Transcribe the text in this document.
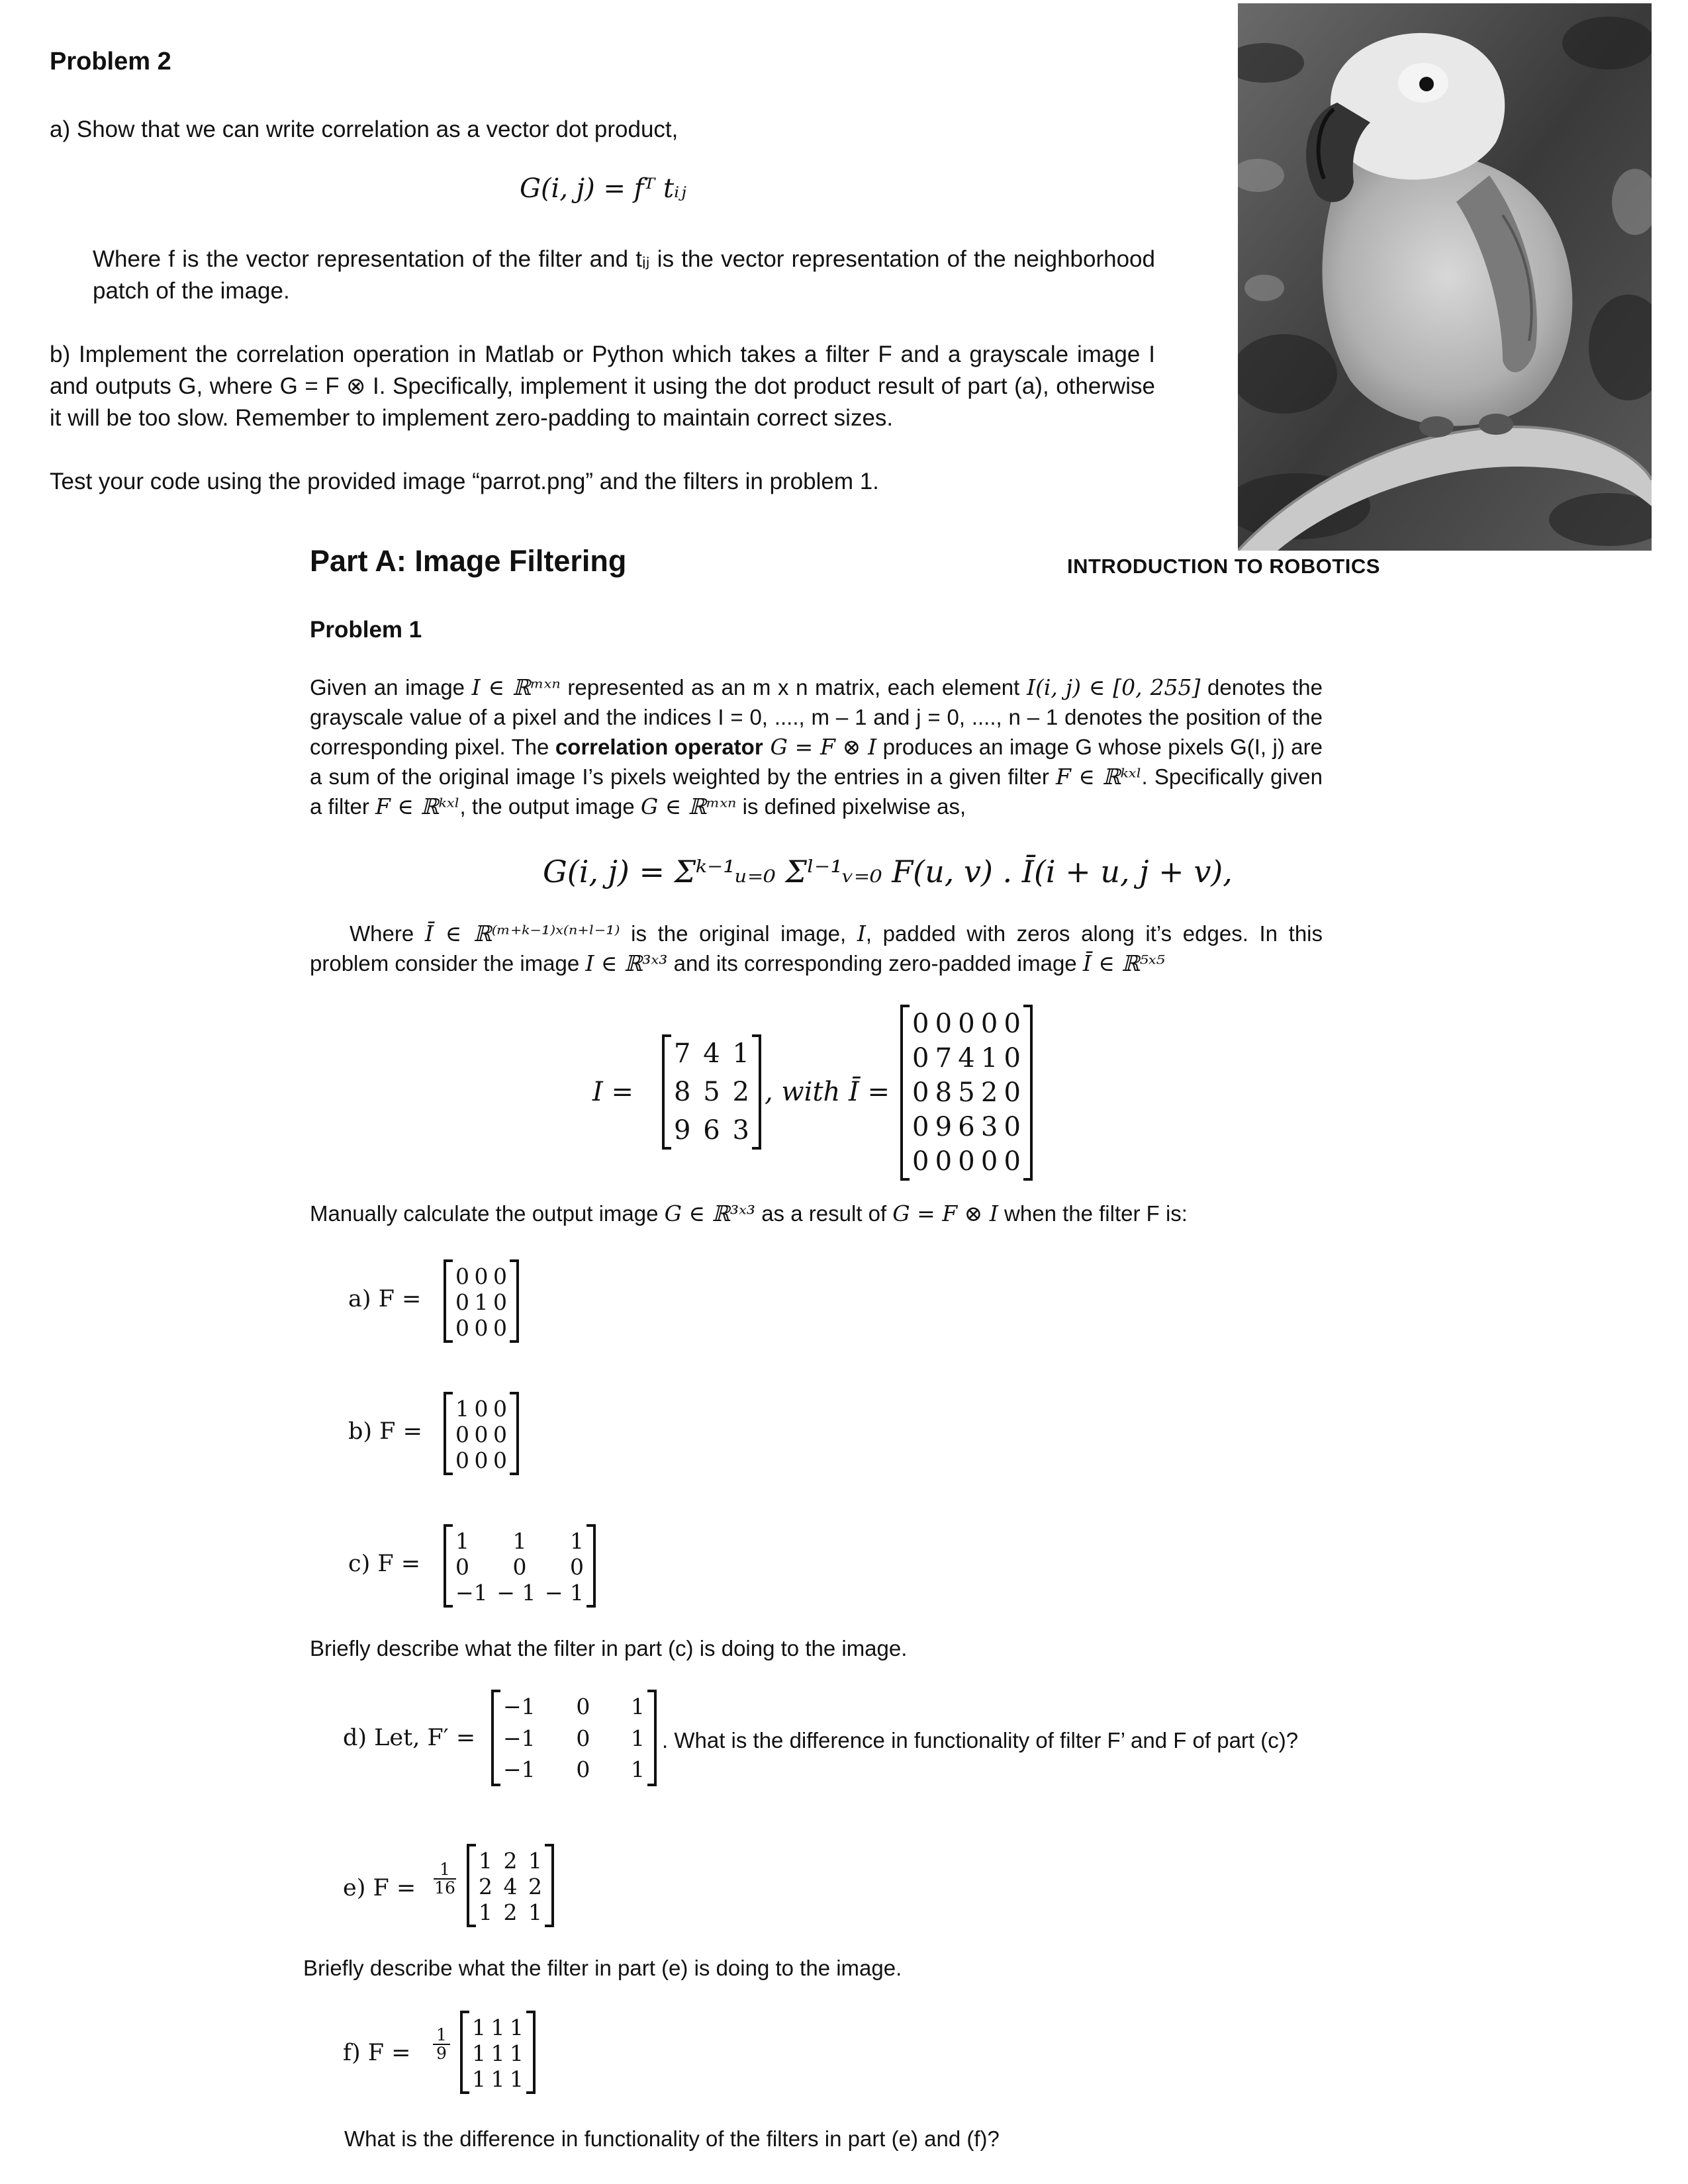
Problem 2
a) Show that we can write correlation as a vector dot product,
G(i, j) = fᵀ tᵢⱼ
Where f is the vector representation of the filter and tᵢⱼ is the vector representation of the neighborhood patch of the image.
b) Implement the correlation operation in Matlab or Python which takes a filter F and a grayscale image I and outputs G, where G = F ⊗ I. Specifically, implement it using the dot product result of part (a), otherwise it will be too slow. Remember to implement zero-padding to maintain correct sizes.
Test your code using the provided image “parrot.png” and the filters in problem 1.
Part A: Image Filtering	INTRODUCTION TO ROBOTICS
Problem 1
Given an image I ∈ ℝᵐˣⁿ represented as an m x n matrix, each element I(i, j) ∈ [0, 255] denotes the grayscale value of a pixel and the indices I = 0, ...., m – 1 and j = 0, ...., n – 1 denotes the position of the corresponding pixel. The correlation operator G = F ⊗ I produces an image G whose pixels G(I, j) are a sum of the original image I’s pixels weighted by the entries in a given filter F ∈ ℝᵏˣˡ. Specifically given a filter F ∈ ℝᵏˣˡ, the output image G ∈ ℝᵐˣⁿ is defined pixelwise as,
G(i, j) = Σᵏ⁻¹ᵤ₌₀ Σˡ⁻¹ᵥ₌₀ F(u, v) . Ī(i + u, j + v),
Where Ī ∈ ℝ⁽ᵐ⁺ᵏ⁻¹⁾ˣ⁽ⁿ⁺ˡ⁻¹⁾ is the original image, I, padded with zeros along it’s edges. In this problem consider the image I ∈ ℝ³ˣ³ and its corresponding zero-padded image Ī ∈ ℝ⁵ˣ⁵
I =
7 4 1
8 5 2
9 6 3
, with Ī =
0 0 0 0 0
0 7 4 1 0
0 8 5 2 0
0 9 6 3 0
0 0 0 0 0
Manually calculate the output image G ∈ ℝ³ˣ³ as a result of G = F ⊗ I when the filter F is:
a) F =
0 0 0
0 1 0
0 0 0
b) F =
1 0 0
0 0 0
0 0 0
c) F =
1 1 1
0 0 0
−1 − 1 − 1
Briefly describe what the filter in part (c) is doing to the image.
d) Let, F′ =
−1 0 1
−1 0 1
−1 0 1
. What is the difference in functionality of filter F’ and F of part (c)?
e) F =
1
16
1 2 1
2 4 2
1 2 1
Briefly describe what the filter in part (e) is doing to the image.
f) F =
1
9
1 1 1
1 1 1
1 1 1
What is the difference in functionality of the filters in part (e) and (f)?
